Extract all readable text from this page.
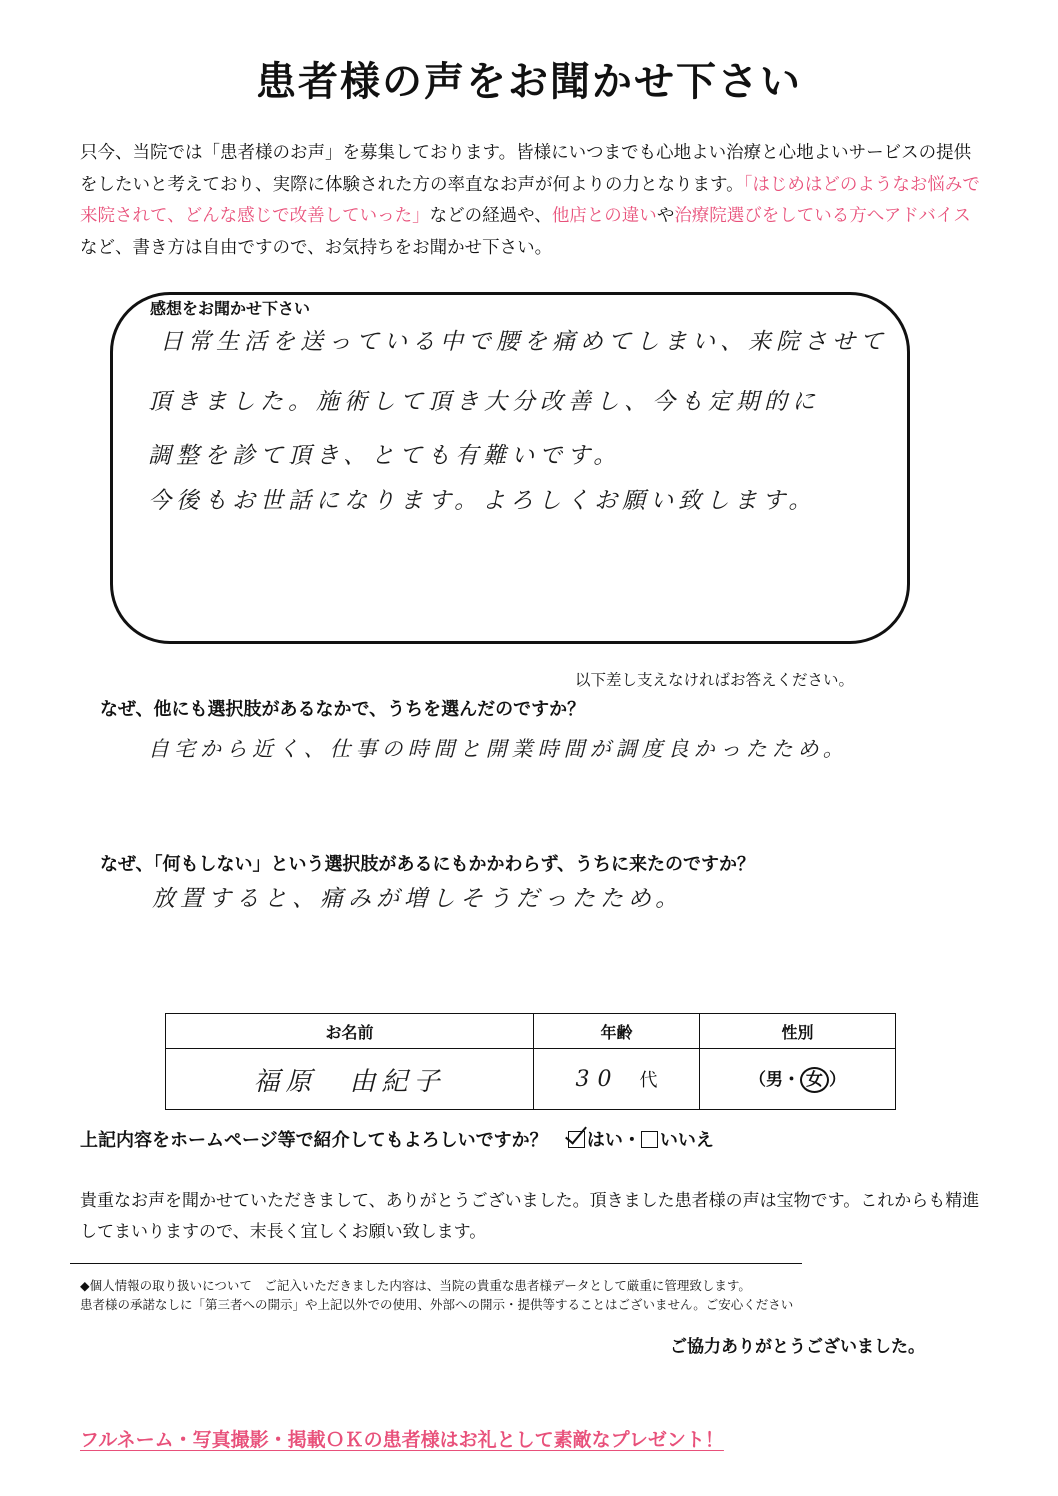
患者様の声をお聞かせ下さい
只今、当院では「患者様のお声」を募集しております。皆様にいつまでも心地よい治療と心地よいサービスの提供をしたいと考えており、実際に体験された方の率直なお声が何よりの力となります。「はじめはどのようなお悩みで来院されて、どんな感じで改善していった」などの経過や、他店との違いや治療院選びをしている方へアドバイスなど、書き方は自由ですので、お気持ちをお聞かせ下さい。
感想をお聞かせ下さい
日常生活を送っている中で腰を痛めてしまい、来院させて
頂きました。施術して頂き大分改善し、今も定期的に
調整を診て頂き、とても有難いです。
今後もお世話になります。よろしくお願い致します。
以下差し支えなければお答えください。
なぜ、他にも選択肢があるなかで、うちを選んだのですか？
自宅から近く、仕事の時間と開業時間が調度良かったため。
なぜ、「何もしない」という選択肢があるにもかかわらず、うちに来たのですか？
放置すると、痛みが増しそうだったため。
お名前	年齢	性別
福原　由紀子	30 代	（男・ 女 ）
上記内容をホームページ等で紹介してもよろしいですか？ はい・ いいえ
貴重なお声を聞かせていただきまして、ありがとうございました。頂きました患者様の声は宝物です。これからも精進してまいりますので、末長く宜しくお願い致します。
◆個人情報の取り扱いについて　ご記入いただきました内容は、当院の貴重な患者様データとして厳重に管理致します。
患者様の承諾なしに「第三者への開示」や上記以外での使用、外部への開示・提供等することはございません。ご安心ください
ご協力ありがとうございました。
フルネーム・写真撮影・掲載ＯＫの患者様はお礼として素敵なプレゼント！
